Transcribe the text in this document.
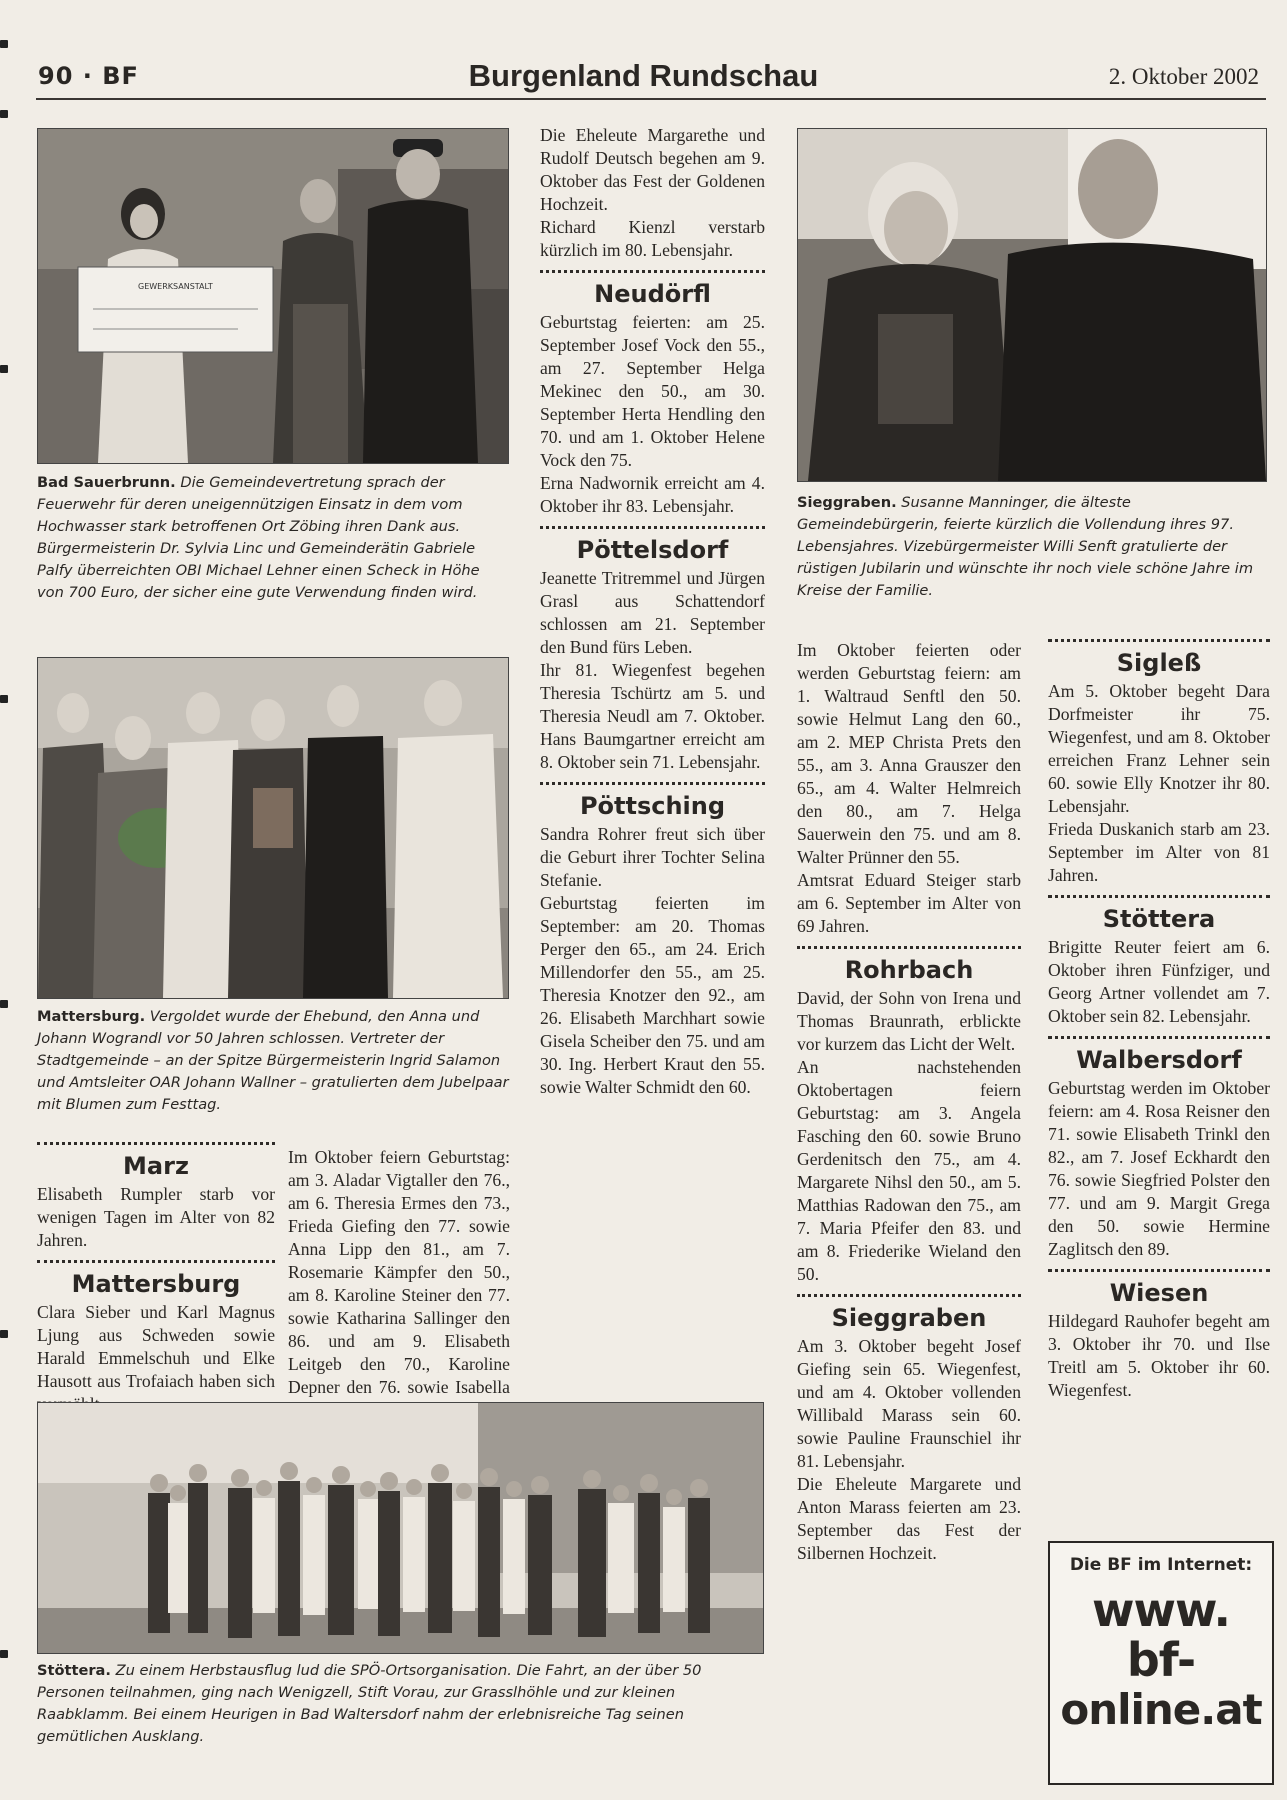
90 · BF	Burgenland Rundschau	2. Oktober 2002
GEWERKSANSTALT
Bad Sauerbrunn. Die Gemeindevertretung sprach der Feuerwehr für deren uneigennützigen Einsatz in dem vom Hochwasser stark betroffenen Ort Zöbing ihren Dank aus. Bürgermeisterin Dr. Sylvia Linc und Gemeinderätin Gabriele Palfy überreichten OBI Michael Lehner einen Scheck in Höhe von 700 Euro, der sicher eine gute Verwendung finden wird.
Mattersburg. Vergoldet wurde der Ehebund, den Anna und Johann Wograndl vor 50 Jahren schlossen. Vertreter der Stadtgemeinde – an der Spitze Bürgermeisterin Ingrid Salamon und Amtsleiter OAR Johann Wallner – gratulierten dem Jubelpaar mit Blumen zum Festtag.
Marz

Elisabeth Rumpler starb vor wenigen Tagen im Alter von 82 Jahren.

Mattersburg

Clara Sieber und Karl Magnus Ljung aus Schweden sowie Harald Emmelschuh und Elke Hausott aus Trofaiach haben sich

Im Oktober feiern Geburtstag: am 3. Aladar Vigtaller den 76., am 6. Theresia Ermes den 73., Frieda Giefing den 77. sowie Anna Lipp den 81., am 7. Rosemarie Kämpfer den 50., am 8. Karoline Steiner den 77. sowie Katharina Sallinger den 86. und am 9. Elisabeth Leitgeb den 70., Karoline Depner den 76. sowie Isabella

Die Eheleute Margarethe und Rudolf Deutsch begehen am 9. Oktober das Fest der Goldenen Hochzeit.

Richard Kienzl verstarb kürzlich im 80. Lebensjahr.

Neudörfl

Geburtstag feierten: am 25. September Josef Vock den 55., am 27. September Helga Mekinec den 50., am 30. September Herta Hendling den 70. und am 1. Oktober Helene Vock den 75.

Erna Nadwornik erreicht am 4. Oktober ihr 83. Lebensjahr.

Pöttelsdorf

Jeanette Tritremmel und Jürgen Grasl aus Schattendorf schlossen am 21. September den Bund fürs Leben.

Ihr 81. Wiegenfest begehen Theresia Tschürtz am 5. und Theresia Neudl am 7. Oktober. Hans Baumgartner erreicht am 8. Oktober sein 71. Lebensjahr.

Pöttsching

Sandra Rohrer freut sich über die Geburt ihrer Tochter Selina Stefanie.

Geburtstag feierten im September: am 20. Thomas Perger den 65., am 24. Erich Millendorfer den 55., am 25. Theresia Knotzer den 92., am 26. Elisabeth Marchhart sowie Gisela Scheiber den 75. und am 30. Ing. Herbert Kraut den 55. sowie Walter Schmidt den 60.

Sieggraben. Susanne Manninger, die älteste Gemeindebürgerin, feierte kürzlich die Vollendung ihres 97. Lebensjahres. Vizebürgermeister Willi Senft gratulierte der rüstigen Jubilarin und wünschte ihr noch viele schöne Jahre im Kreise der Familie.

Im Oktober feierten oder werden Geburtstag feiern: am 1. Waltraud Senftl den 50. sowie Helmut Lang den 60., am 2. MEP Christa Prets den 55., am 3. Anna Grauszer den 65., am 4. Walter Helmreich den 80., am 7. Helga Sauerwein den 75. und am 8. Walter Prünner den 55.

Amtsrat Eduard Steiger starb am 6. September im Alter von 69 Jahren.

Rohrbach

David, der Sohn von Irena und Thomas Braunrath, erblickte vor kurzem das Licht der Welt.

An nachstehenden Oktobertagen feiern Geburtstag: am 3. Angela Fasching den 60. sowie Bruno Gerdenitsch den 75., am 4. Margarete Nihsl den 50., am 5. Matthias Radowan den 75., am 7. Maria Pfeifer den 83. und am 8. Friederike Wieland den 50.

Sieggraben

Am 3. Oktober begeht Josef Giefing sein 65. Wiegenfest, und am 4. Oktober vollenden Willibald Marass sein 60. sowie Pauline Fraunschiel ihr 81. Lebensjahr.

Die Eheleute Margarete und Anton Marass feierten am 23. September das Fest der Silbernen Hochzeit.

Sigleß

Am 5. Oktober begeht Dara Dorfmeister ihr 75. Wiegenfest, und am 8. Oktober erreichen Franz Lehner sein 60. sowie Elly Knotzer ihr 80. Lebensjahr.

Frieda Duskanich starb am 23. September im Alter von 81 Jahren.

Stöttera

Brigitte Reuter feiert am 6. Oktober ihren Fünfziger, und Georg Artner vollendet am 7. Oktober sein 82. Lebensjahr.

Walbersdorf

Geburtstag werden im Oktober feiern: am 4. Rosa Reisner den 71. sowie Elisabeth Trinkl den 82., am 7. Josef Eckhardt den 76. sowie Siegfried Polster den 77. und am 9. Margit Grega den 50. sowie Hermine Zaglitsch den 89.

Wiesen

Hildegard Rauhofer begeht am 3. Oktober ihr 70. und Ilse Treitl am 5. Oktober ihr 60. Wiegenfest.

Die BF im Internet:
www.
bf-
online.at
Stöttera. Zu einem Herbstausflug lud die SPÖ-Ortsorganisation. Die Fahrt, an der über 50 Personen teilnahmen, ging nach Wenigzell, Stift Vorau, zur Grasslhöhle und zur kleinen Raabklamm. Bei einem Heurigen in Bad Waltersdorf nahm der erlebnisreiche Tag seinen gemütlichen Ausklang.
